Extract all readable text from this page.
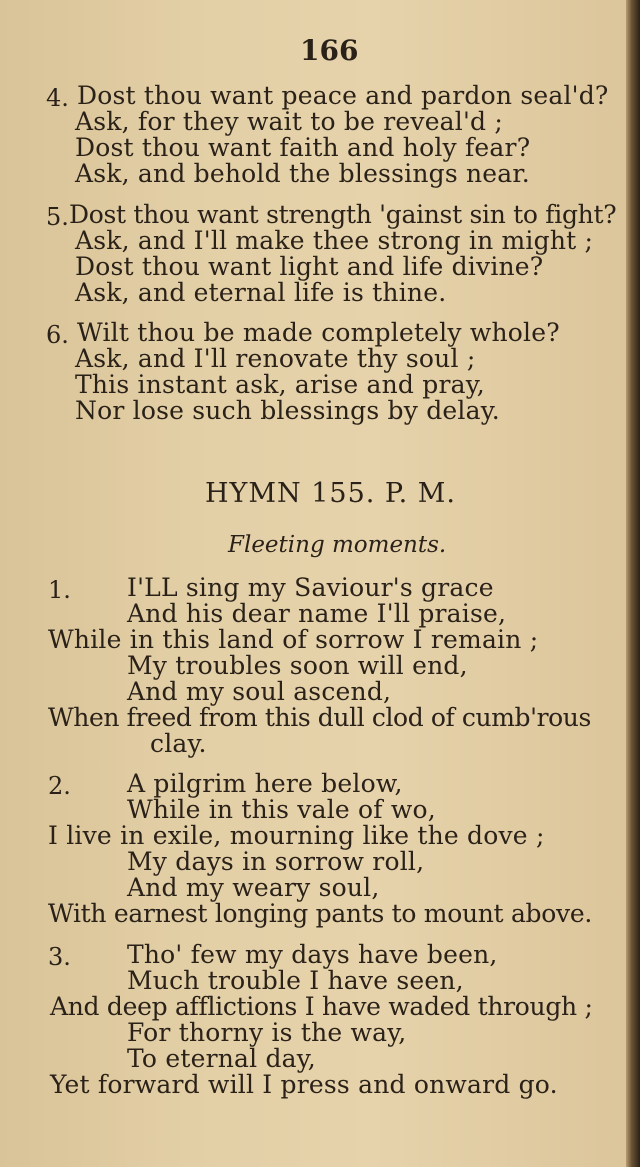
166
4. Dost thou want peace and pardon seal'd?
Ask, for they wait to be reveal'd ;
Dost thou want faith and holy fear?
Ask, and behold the blessings near.
5. Dost thou want strength 'gainst sin to fight?
Ask, and I'll make thee strong in might ;
Dost thou want light and life divine?
Ask, and eternal life is thine.
6. Wilt thou be made completely whole?
Ask, and I'll renovate thy soul ;
This instant ask, arise and pray,
Nor lose such blessings by delay.
HYMN 155. P. M.
Fleeting moments.
1. I'LL sing my Saviour's grace
And his dear name I'll praise,
While in this land of sorrow I remain ;
My troubles soon will end,
And my soul ascend,
When freed from this dull clod of cumb'rous
clay.
2. A pilgrim here below,
While in this vale of wo,
I live in exile, mourning like the dove ;
My days in sorrow roll,
And my weary soul,
With earnest longing pants to mount above.
3. Tho' few my days have been,
Much trouble I have seen,
And deep afflictions I have waded through ;
For thorny is the way,
To eternal day,
Yet forward will I press and onward go.
